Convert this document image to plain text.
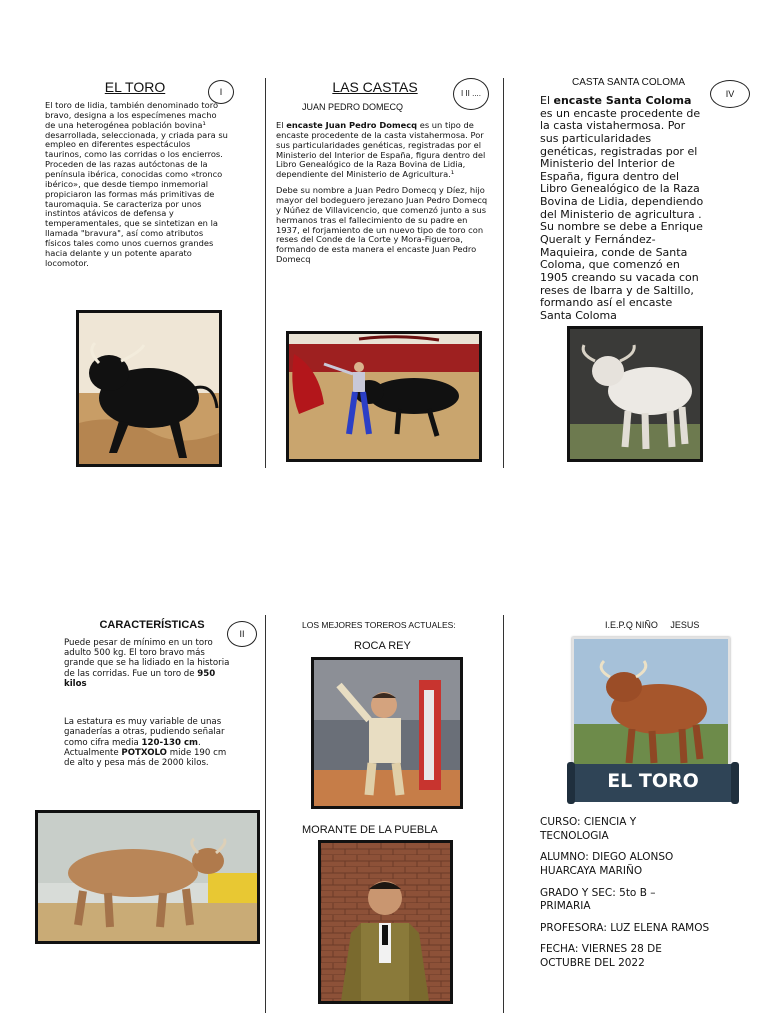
EL TORO	I
El toro de lidia, también denominado toro bravo, designa a los especímenes macho de una heterogénea población bovina¹ desarrollada, seleccionada, y criada para su empleo en diferentes espectáculos taurinos, como las corridas o los encierros. Proceden de las razas autóctonas de la península ibérica, conocidas como «tronco ibérico», que desde tiempo inmemorial propiciaron las formas más primitivas de tauromaquia. Se caracteriza por unos instintos atávicos de defensa y temperamentales, que se sintetizan en la llamada "bravura", así como atributos físicos tales como unos cuernos grandes hacia delante y un potente aparato locomotor.
LAS CASTAS	I II ....
JUAN PEDRO DOMECQ

El encaste Juan Pedro Domecq es un tipo de encaste procedente de la casta vistahermosa. Por sus particularidades genéticas, registradas por el Ministerio del Interior de España, figura dentro del Libro Genealógico de la Raza Bovina de Lidia, dependiente del Ministerio de Agricultura.¹

Debe su nombre a Juan Pedro Domecq y Díez, hijo mayor del bodeguero jerezano Juan Pedro Domecq y Núñez de Villavicencio, que comenzó junto a sus hermanos tras el fallecimiento de su padre en 1937, el forjamiento de un nuevo tipo de toro con reses del Conde de la Corte y Mora-Figueroa, formando de esta manera el encaste Juan Pedro Domecq

CASTA SANTA COLOMA
IV

El encaste Santa Coloma es un encaste procedente de la casta vistahermosa. Por sus particularidades genéticas, registradas por el Ministerio del Interior de España, figura dentro del Libro Genealógico de la Raza Bovina de Lidia, dependiendo del Ministerio de agricultura . Su nombre se debe a Enrique Queralt y Fernández-Maquieira, conde de Santa Coloma, que comenzó en 1905 creando su vacada con reses de Ibarra y de Saltillo, formando así el encaste Santa Coloma

CARACTERÍSTICAS
II

Puede pesar de mínimo en un toro adulto 500 kg. El toro bravo más grande que se ha lidiado en la historia de las corridas. Fue un toro de 950 kilos

La estatura es muy variable de unas ganaderías a otras, pudiendo señalar como cifra media 120-130 cm. Actualmente POTXOLO mide 190 cm de alto y pesa más de 2000 kilos.

LOS MEJORES TOREROS ACTUALES:
ROCA REY
MORANTE DE LA PUEBLA
I.E.P.Q NIÑO     JESUS
EL TORO
CURSO: CIENCIA Y TECNOLOGIA
ALUMNO: DIEGO ALONSO HUARCAYA MARIÑO
GRADO Y SEC: 5to B – PRIMARIA
PROFESORA: LUZ ELENA RAMOS
FECHA: VIERNES 28 DE OCTUBRE DEL 2022
